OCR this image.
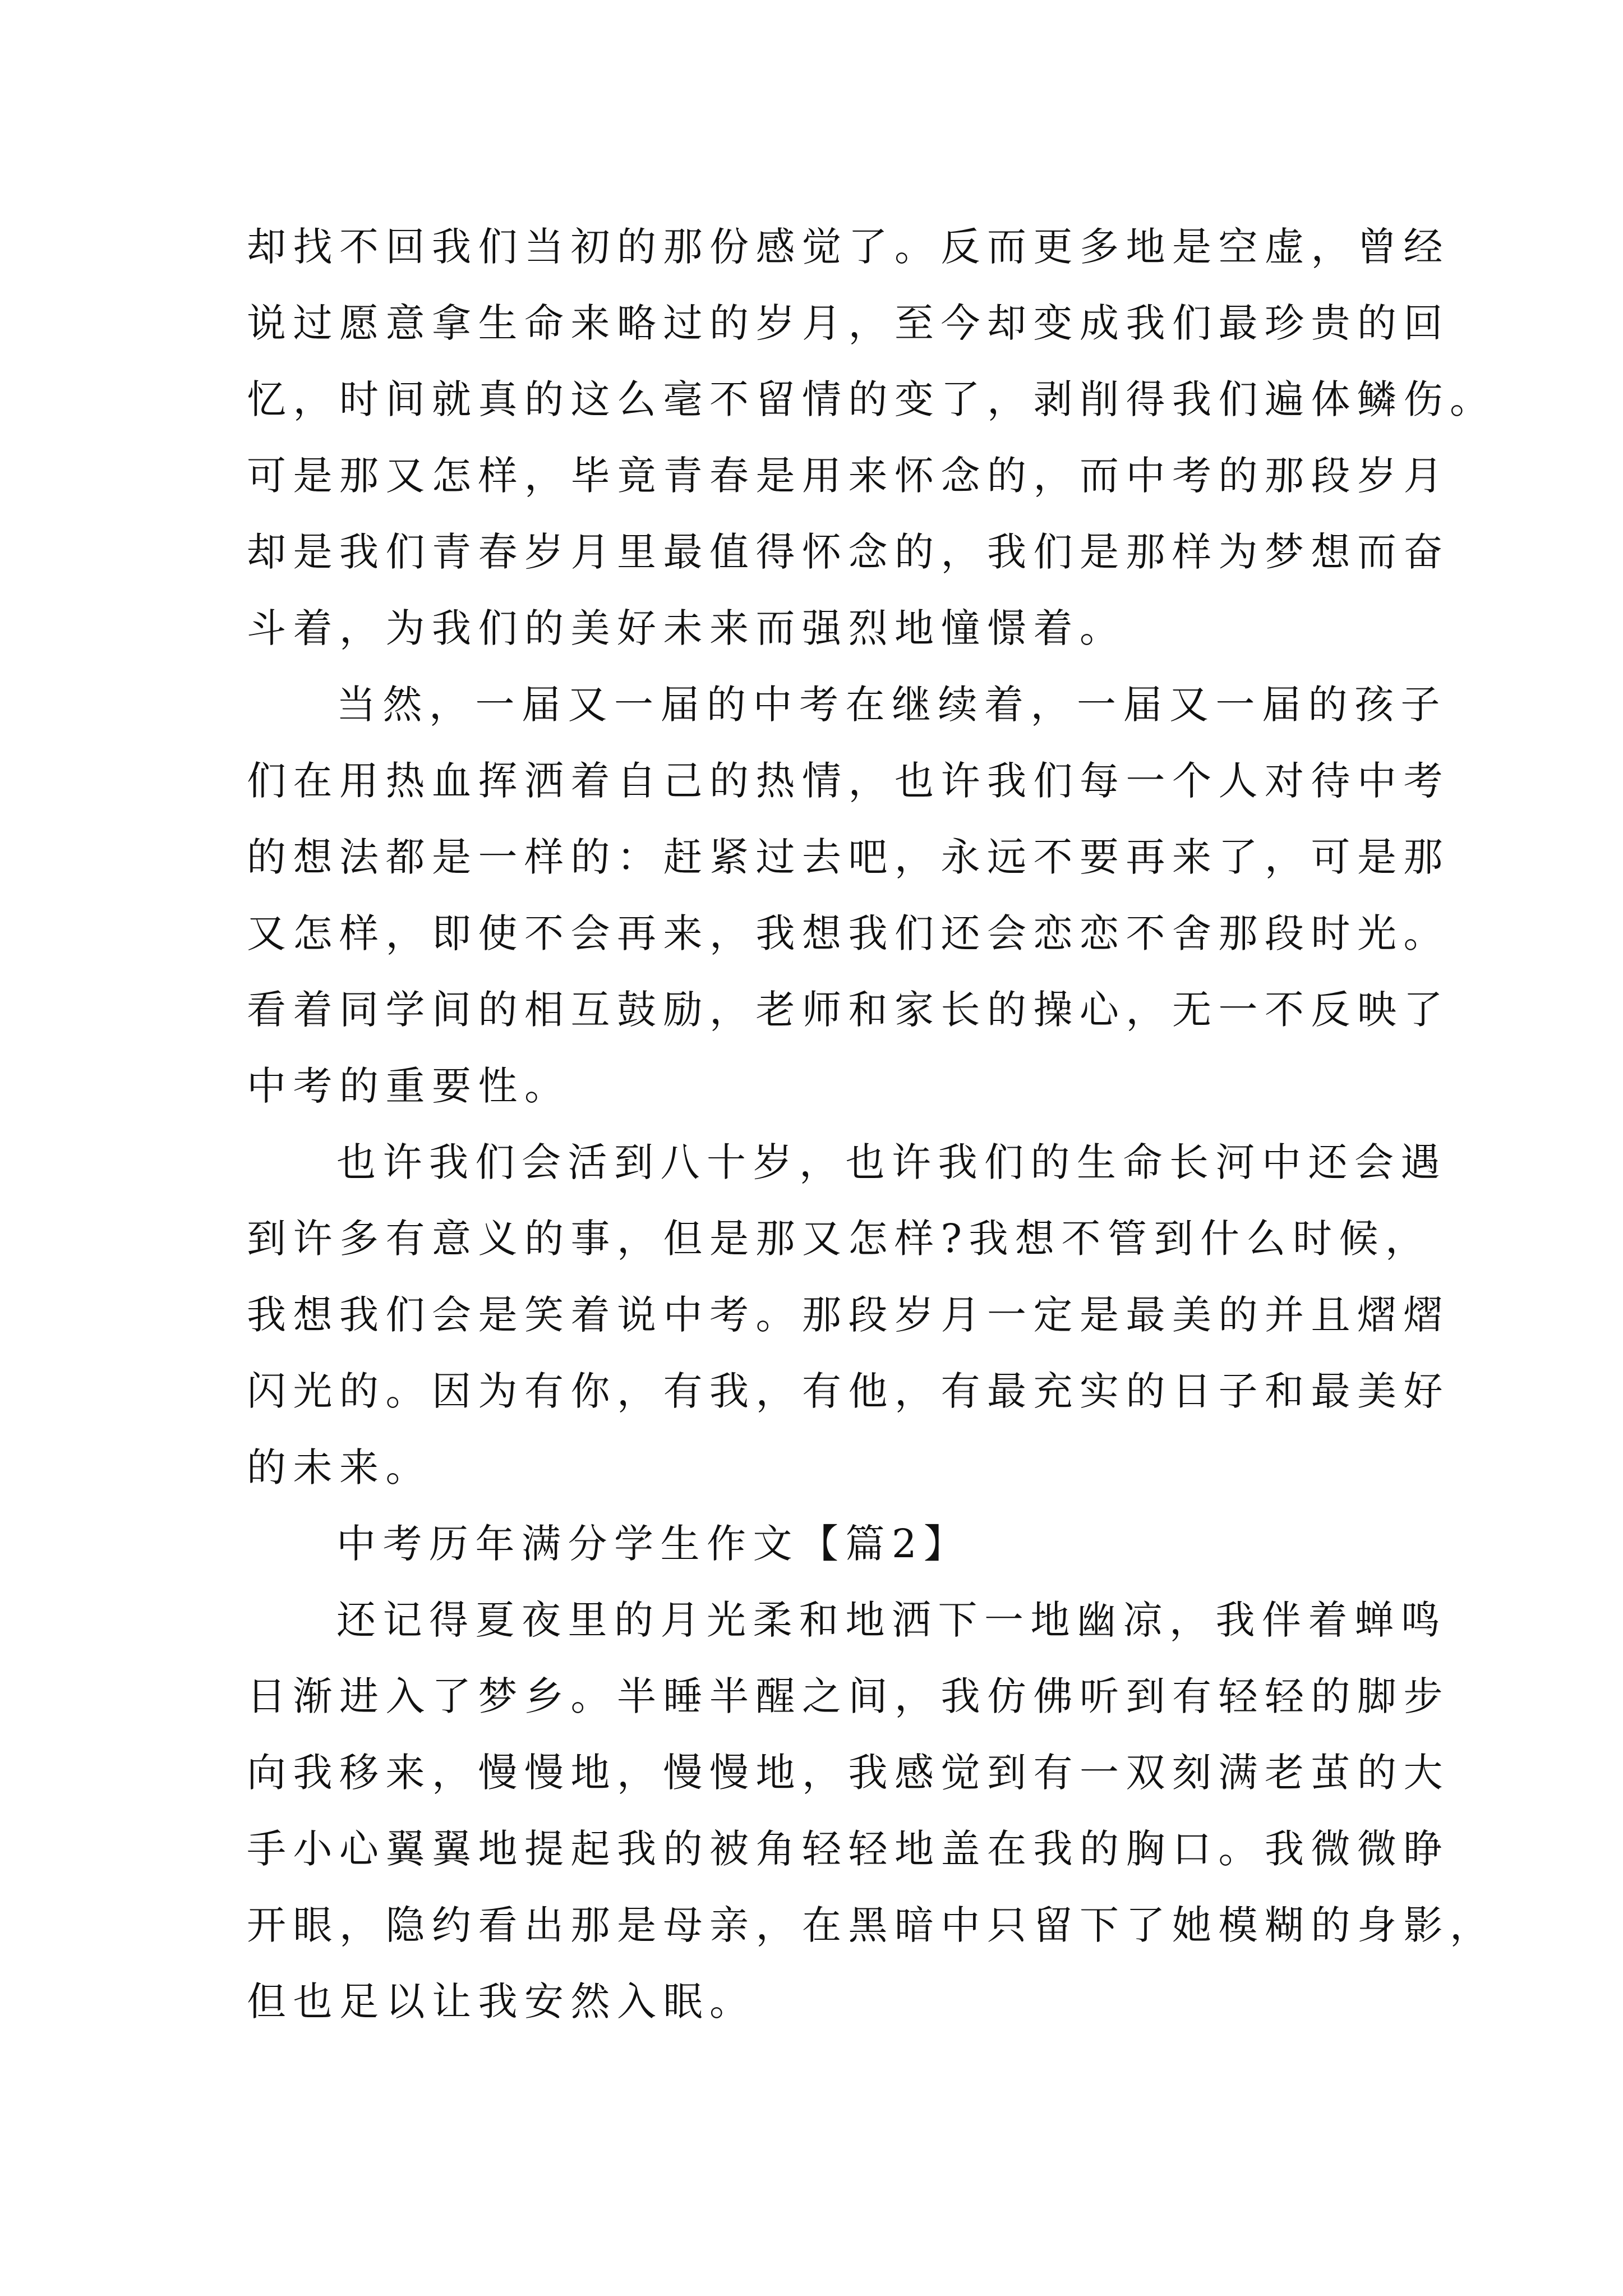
却找不回我们当初的那份感觉了。反而更多地是空虚，曾经
说过愿意拿生命来略过的岁月，至今却变成我们最珍贵的回
忆，时间就真的这么毫不留情的变了，剥削得我们遍体鳞伤。
可是那又怎样，毕竟青春是用来怀念的，而中考的那段岁月
却是我们青春岁月里最值得怀念的，我们是那样为梦想而奋
斗着，为我们的美好未来而强烈地憧憬着。
当然，一届又一届的中考在继续着，一届又一届的孩子
们在用热血挥洒着自己的热情，也许我们每一个人对待中考
的想法都是一样的：赶紧过去吧，永远不要再来了，可是那
又怎样，即使不会再来，我想我们还会恋恋不舍那段时光。
看着同学间的相互鼓励，老师和家长的操心，无一不反映了
中考的重要性。
也许我们会活到八十岁，也许我们的生命长河中还会遇
到许多有意义的事，但是那又怎样?我想不管到什么时候，
我想我们会是笑着说中考。那段岁月一定是最美的并且熠熠
闪光的。因为有你，有我，有他，有最充实的日子和最美好
的未来。
中考历年满分学生作文【篇2】
还记得夏夜里的月光柔和地洒下一地幽凉，我伴着蝉鸣
日渐进入了梦乡。半睡半醒之间，我仿佛听到有轻轻的脚步
向我移来，慢慢地，慢慢地，我感觉到有一双刻满老茧的大
手小心翼翼地提起我的被角轻轻地盖在我的胸口。我微微睁
开眼，隐约看出那是母亲，在黑暗中只留下了她模糊的身影，
但也足以让我安然入眠。
